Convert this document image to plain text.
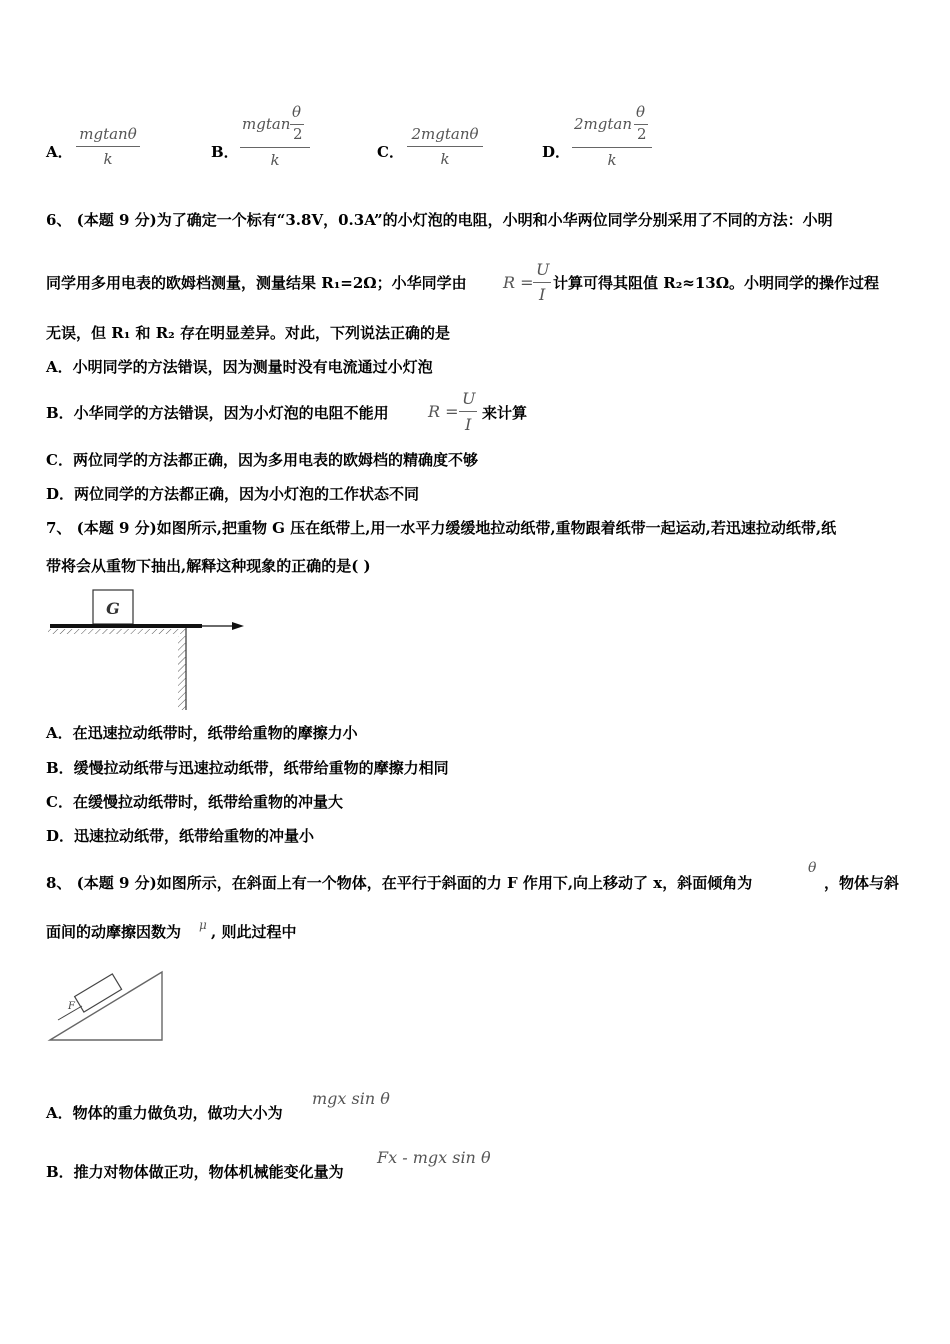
A．
mgtanθ
k	B．
mgtan
θ
2
k	C．
2mgtanθ
k	D．
2mgtan
θ
2
k
6、 (本题 9 分)为了确定一个标有“3.8V，0.3A”的小灯泡的电阻，小明和小华两位同学分别采用了不同的方法：小明
同学用多用电表的欧姆档测量，测量结果 R₁=2Ω；小华同学由 R =
U
I
计算可得其阻值 R₂≈13Ω。小明同学的操作过程
无误，但 R₁ 和 R₂ 存在明显差异。对此，下列说法正确的是
A．小明同学的方法错误，因为测量时没有电流通过小灯泡
B．小华同学的方法错误，因为小灯泡的电阻不能用 R =
U
I
来计算
C．两位同学的方法都正确，因为多用电表的欧姆档的精确度不够
D．两位同学的方法都正确，因为小灯泡的工作状态不同
7、 (本题 9 分)如图所示,把重物 G 压在纸带上,用一水平力缓缓地拉动纸带,重物跟着纸带一起运动,若迅速拉动纸带,纸
带将会从重物下抽出,解释这种现象的正确的是( )
G
A．在迅速拉动纸带时，纸带给重物的摩擦力小
B．缓慢拉动纸带与迅速拉动纸带，纸带给重物的摩擦力相同
C．在缓慢拉动纸带时，纸带给重物的冲量大
D．迅速拉动纸带，纸带给重物的冲量小
8、 (本题 9 分)如图所示，在斜面上有一个物体，在平行于斜面的力 F 作用下,向上移动了 x，斜面倾角为
θ
，物体与斜
面间的动摩擦因数为 μ , 则此过程中
F
A．物体的重力做负功，做功大小为
mgx sin θ
B．推力对物体做正功，物体机械能变化量为
Fx - mgx sin θ
